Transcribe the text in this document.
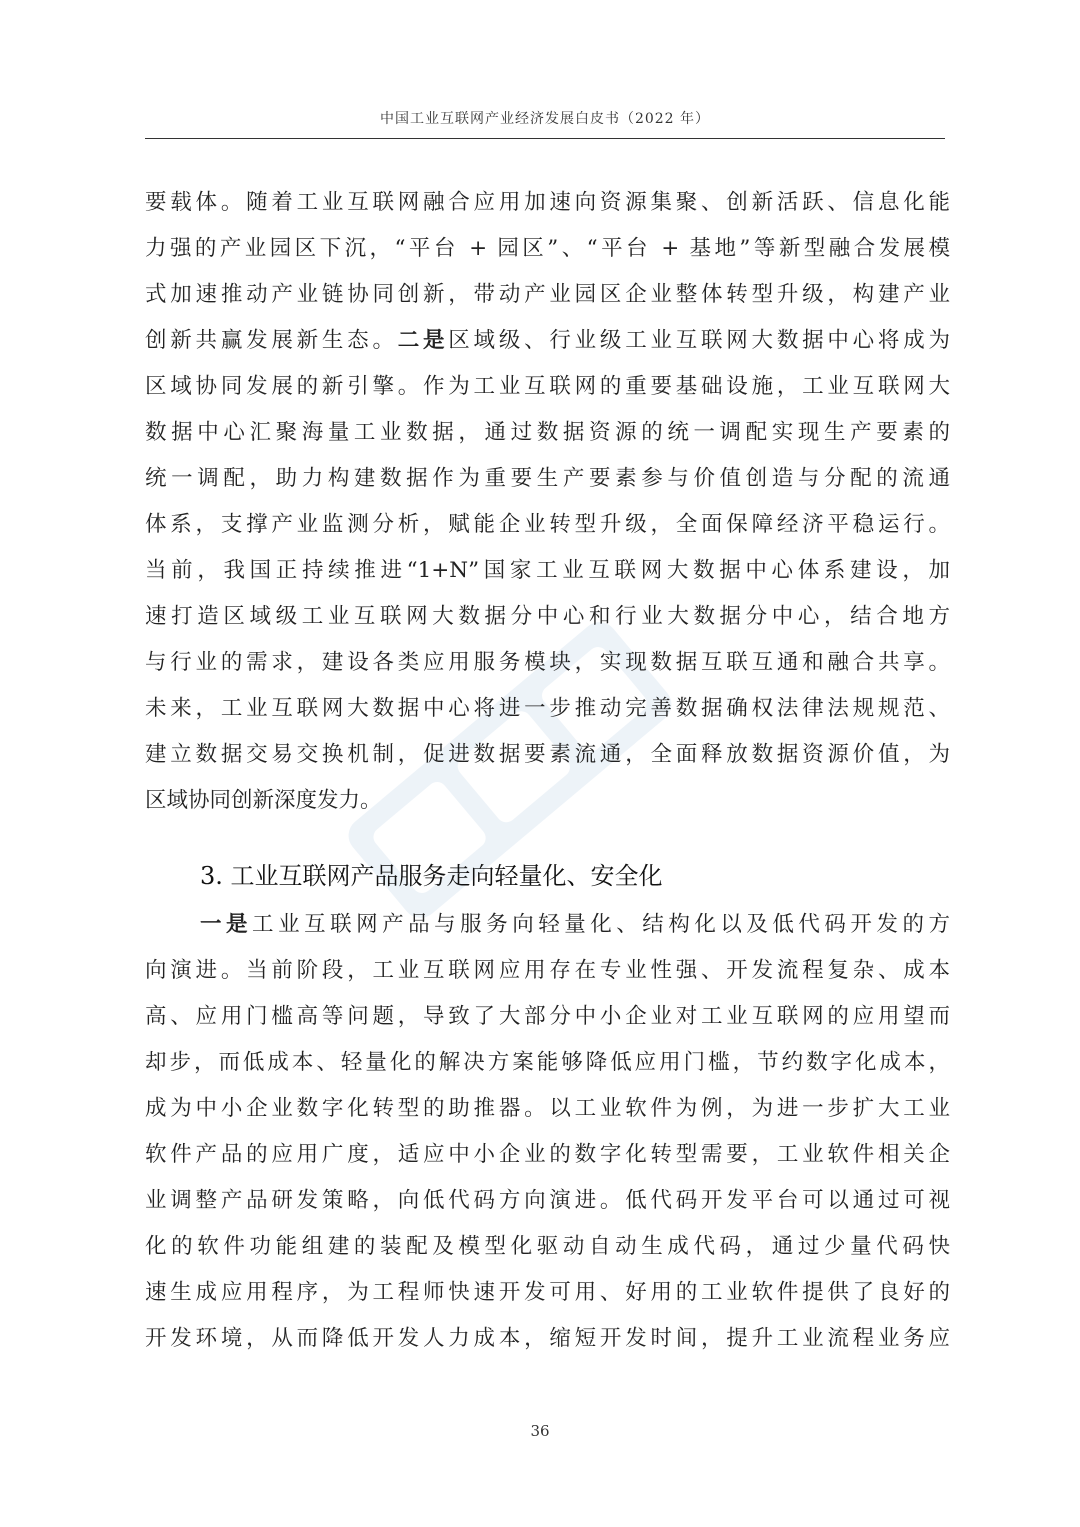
中国工业互联网产业经济发展白皮书（2022 年）
要载体。随着工业互联网融合应用加速向资源集聚、创新活跃、信息化能
力强的产业园区下沉，“平台 + 园区”、“平台 + 基地”等新型融合发展模
式加速推动产业链协同创新，带动产业园区企业整体转型升级，构建产业
创新共赢发展新生态。二是区域级、行业级工业互联网大数据中心将成为
区域协同发展的新引擎。作为工业互联网的重要基础设施，工业互联网大
数据中心汇聚海量工业数据，通过数据资源的统一调配实现生产要素的
统一调配，助力构建数据作为重要生产要素参与价值创造与分配的流通
体系，支撑产业监测分析，赋能企业转型升级，全面保障经济平稳运行。
当前，我国正持续推进“1+N”国家工业互联网大数据中心体系建设，加
速打造区域级工业互联网大数据分中心和行业大数据分中心，结合地方
与行业的需求，建设各类应用服务模块，实现数据互联互通和融合共享。
未来，工业互联网大数据中心将进一步推动完善数据确权法律法规规范、
建立数据交易交换机制，促进数据要素流通，全面释放数据资源价值，为
区域协同创新深度发力。
3. 工业互联网产品服务走向轻量化、安全化
一是工业互联网产品与服务向轻量化、结构化以及低代码开发的方
向演进。当前阶段，工业互联网应用存在专业性强、开发流程复杂、成本
高、应用门槛高等问题，导致了大部分中小企业对工业互联网的应用望而
却步，而低成本、轻量化的解决方案能够降低应用门槛，节约数字化成本，
成为中小企业数字化转型的助推器。以工业软件为例，为进一步扩大工业
软件产品的应用广度，适应中小企业的数字化转型需要，工业软件相关企
业调整产品研发策略，向低代码方向演进。低代码开发平台可以通过可视
化的软件功能组建的装配及模型化驱动自动生成代码，通过少量代码快
速生成应用程序，为工程师快速开发可用、好用的工业软件提供了良好的
开发环境，从而降低开发人力成本，缩短开发时间，提升工业流程业务应
36
